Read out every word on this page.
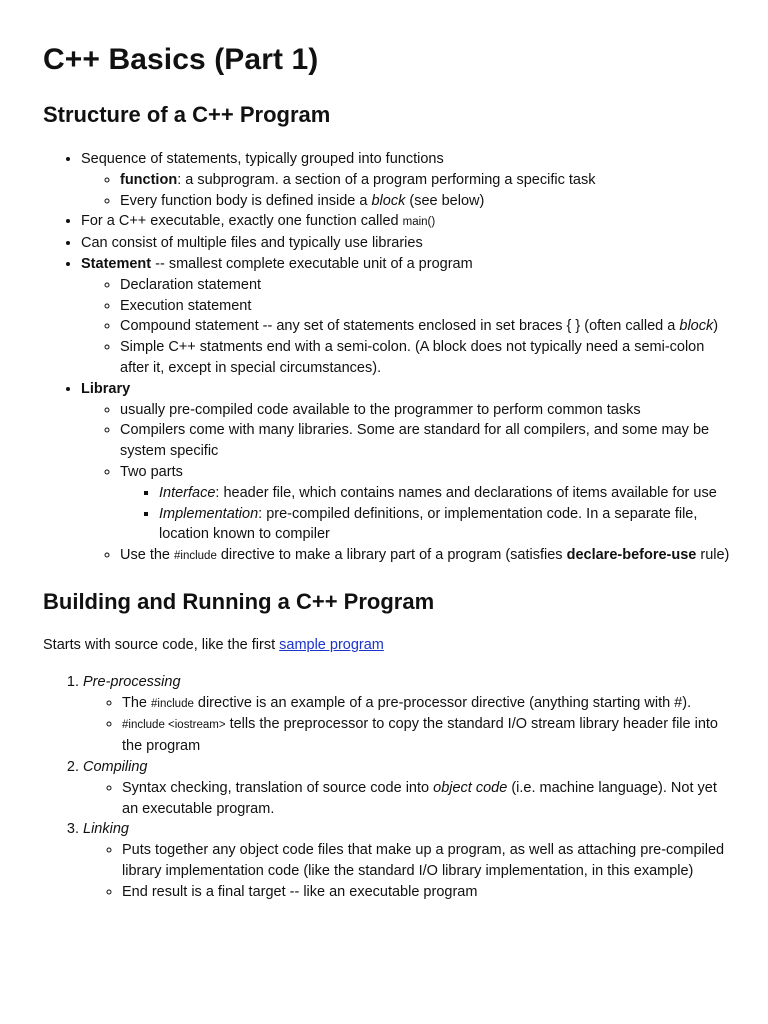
C++ Basics (Part 1)
Structure of a C++ Program
• Sequence of statements, typically grouped into functions
◦ function: a subprogram. a section of a program performing a specific task
◦ Every function body is defined inside a block (see below)
• For a C++ executable, exactly one function called main()
• Can consist of multiple files and typically use libraries
• Statement -- smallest complete executable unit of a program
◦ Declaration statement
◦ Execution statement
◦ Compound statement -- any set of statements enclosed in set braces { } (often called a block)
◦ Simple C++ statments end with a semi-colon. (A block does not typically need a semi-colon after it, except in special circumstances).
• Library
◦ usually pre-compiled code available to the programmer to perform common tasks
◦ Compilers come with many libraries. Some are standard for all compilers, and some may be system specific
◦ Two parts
▪ Interface: header file, which contains names and declarations of items available for use
▪ Implementation: pre-compiled definitions, or implementation code. In a separate file, location known to compiler
◦ Use the #include directive to make a library part of a program (satisfies declare-before-use rule)
Building and Running a C++ Program

Starts with source code, like the first sample program

1. Pre-processing
◦ The #include directive is an example of a pre-processor directive (anything starting with #).
◦ #include <iostream> tells the preprocessor to copy the standard I/O stream library header file into the program
2. Compiling
◦ Syntax checking, translation of source code into object code (i.e. machine language). Not yet an executable program.
3. Linking
◦ Puts together any object code files that make up a program, as well as attaching pre-compiled library implementation code (like the standard I/O library implementation, in this example)
◦ End result is a final target -- like an executable program
